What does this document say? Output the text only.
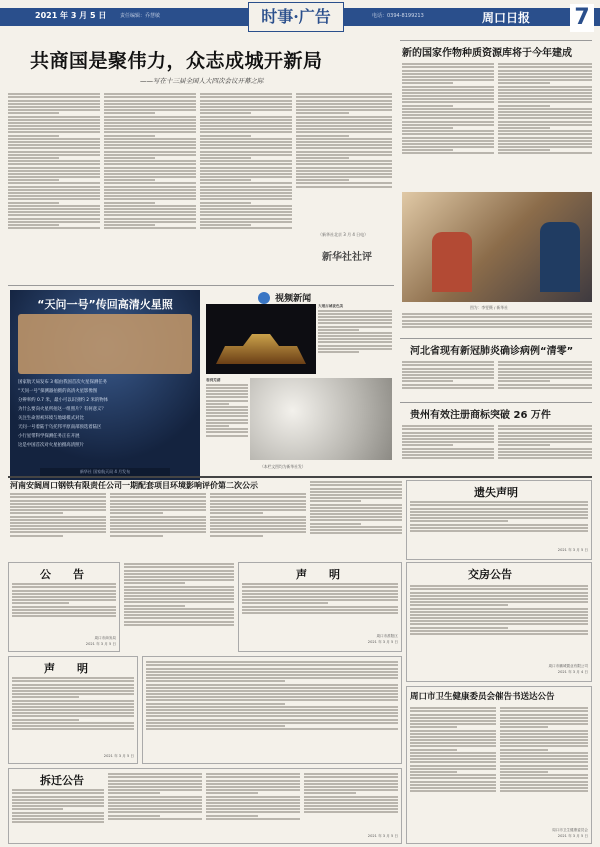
2021 年 3 月 5 日	责任编辑：乔慧敏	电话：0394-8199213
时事·广告	周口日报 7
共商国是聚伟力，众志成城开新局
——写在十三届全国人大四次会议开幕之际
（新华社北京 3 月 4 日电）
新华社社评
“天问一号”传回高清火星照
国家航天局发布 3 幅由我国首次火星探测任务
“天问一号”探测器拍摄的高清火星影像图
分辨率约 0.7 米，最小可以识别约 2 米的物体
为什么要向火星所拍这一组照片？有何意义？
关注生命原初环境与地球模式对比
天问一号着陆于乌托邦平原南部预选着陆区
小行星带科学探测任务正在开展
这是中国首次对火星拍摄高清照片
新华社 国家航天局 4 月发布
视频新闻
大理古城夜色美
春到芜湖
（本栏文图均为新华社发）
新的国家作物种质资源库将于今年建成
图为：李雯摄 / 新华社
河北省现有新冠肺炎确诊病例“清零”
贵州有效注册商标突破 26 万件
河南安阔周口钢铁有限责任公司一期配套项目环境影响评价第二次公示
遗失声明
2021 年 3 月 5 日
公　　告
周口市商务局
2021 年 3 月 5 日
声　　明
周口市淮阳区
2021 年 3 月 5 日
交房公告
周口市鹏城置业有限公司
2021 年 3 月 4 日
声　　明
2021 年 3 月 5 日
拆迁公告
2021 年 3 月 5 日
周口市卫生健康委员会催告书送达公告
周口市卫生健康委员会
2021 年 3 月 5 日
